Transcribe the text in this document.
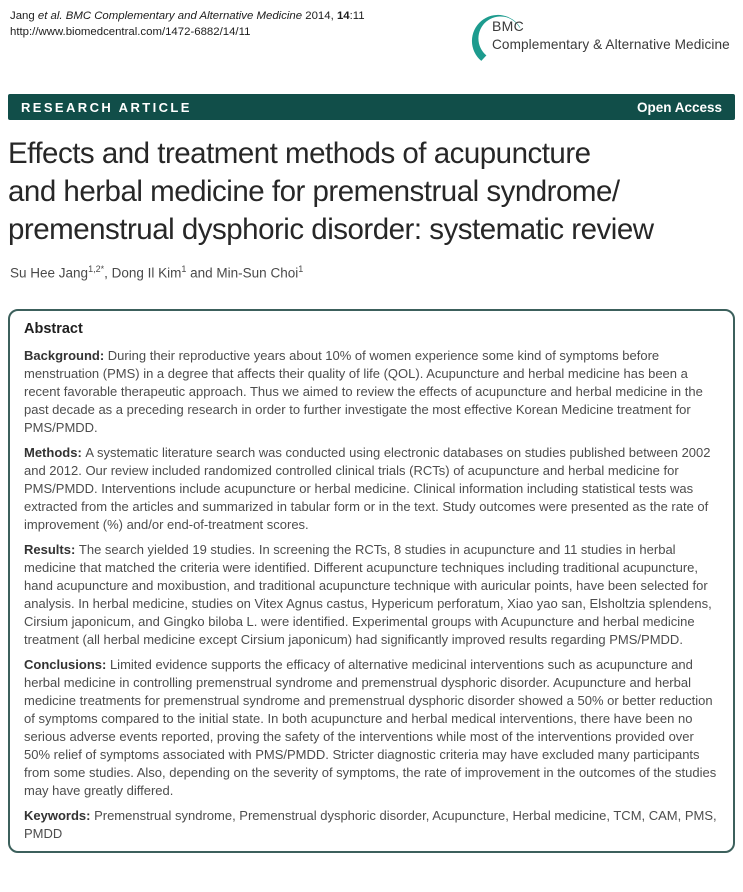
Jang et al. BMC Complementary and Alternative Medicine 2014, 14:11
http://www.biomedcentral.com/1472-6882/14/11	BMC
Complementary & Alternative Medicine
RESEARCH ARTICLE	Open Access
Effects and treatment methods of acupuncture
and herbal medicine for premenstrual syndrome/
premenstrual dysphoric disorder: systematic review
Su Hee Jang$^{1,2*}$, Dong Il Kim$^1$ and Min-Sun Choi$^1$
Abstract

Background: During their reproductive years about 10% of women experience some kind of symptoms before menstruation (PMS) in a degree that affects their quality of life (QOL). Acupuncture and herbal medicine has been a recent favorable therapeutic approach. Thus we aimed to review the effects of acupuncture and herbal medicine in the past decade as a preceding research in order to further investigate the most effective Korean Medicine treatment for PMS/PMDD.

Methods: A systematic literature search was conducted using electronic databases on studies published between 2002 and 2012. Our review included randomized controlled clinical trials (RCTs) of acupuncture and herbal medicine for PMS/PMDD. Interventions include acupuncture or herbal medicine. Clinical information including statistical tests was extracted from the articles and summarized in tabular form or in the text. Study outcomes were presented as the rate of improvement (%) and/or end-of-treatment scores.

Results: The search yielded 19 studies. In screening the RCTs, 8 studies in acupuncture and 11 studies in herbal medicine that matched the criteria were identified. Different acupuncture techniques including traditional acupuncture, hand acupuncture and moxibustion, and traditional acupuncture technique with auricular points, have been selected for analysis. In herbal medicine, studies on Vitex Agnus castus, Hypericum perforatum, Xiao yao san, Elsholtzia splendens, Cirsium japonicum, and Gingko biloba L. were identified. Experimental groups with Acupuncture and herbal medicine treatment (all herbal medicine except Cirsium japonicum) had significantly improved results regarding PMS/PMDD.

Conclusions: Limited evidence supports the efficacy of alternative medicinal interventions such as acupuncture and herbal medicine in controlling premenstrual syndrome and premenstrual dysphoric disorder. Acupuncture and herbal medicine treatments for premenstrual syndrome and premenstrual dysphoric disorder showed a 50% or better reduction of symptoms compared to the initial state. In both acupuncture and herbal medical interventions, there have been no serious adverse events reported, proving the safety of the interventions while most of the interventions provided over 50% relief of symptoms associated with PMS/PMDD. Stricter diagnostic criteria may have excluded many participants from some studies. Also, depending on the severity of symptoms, the rate of improvement in the outcomes of the studies may have greatly differed.

Keywords: Premenstrual syndrome, Premenstrual dysphoric disorder, Acupuncture, Herbal medicine, TCM, CAM, PMS, PMDD
